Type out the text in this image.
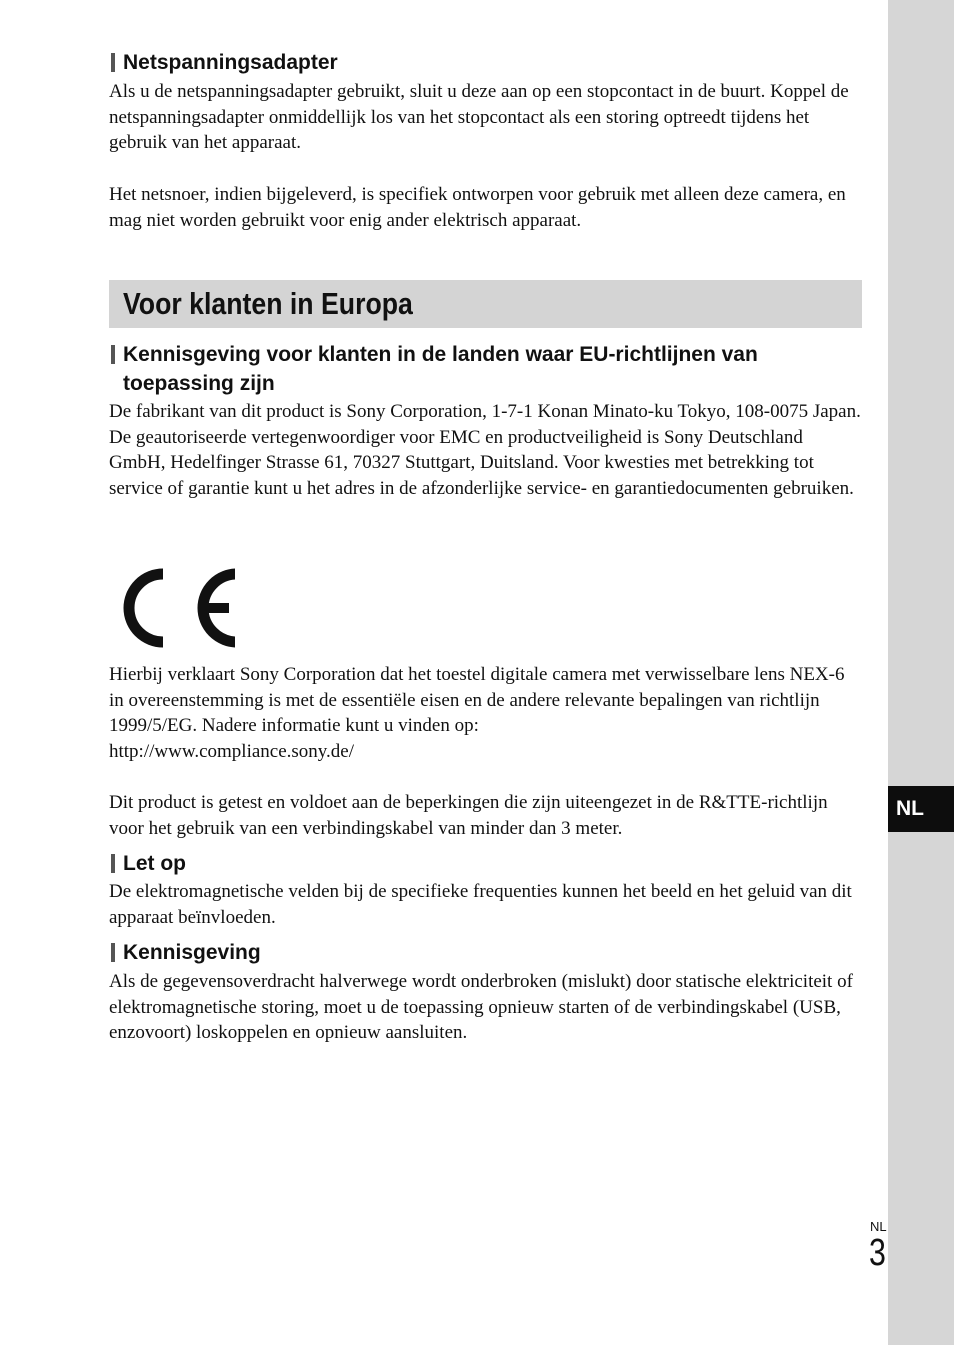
NL
Netspanningsadapter

Als u de netspanningsadapter gebruikt, sluit u deze aan op een stopcontact in de buurt. Koppel de netspanningsadapter onmiddellijk los van het stopcontact als een storing optreedt tijdens het gebruik van het apparaat.

Het netsnoer, indien bijgeleverd, is specifiek ontworpen voor gebruik met alleen deze camera, en mag niet worden gebruikt voor enig ander elektrisch apparaat.

Voor klanten in Europa
Kennisgeving voor klanten in de landen waar EU-richtlijnen van toepassing zijn

De fabrikant van dit product is Sony Corporation, 1-7-1 Konan Minato-ku Tokyo, 108-0075 Japan. De geautoriseerde vertegenwoordiger voor EMC en productveiligheid is Sony Deutschland GmbH, Hedelfinger Strasse 61, 70327 Stuttgart, Duitsland. Voor kwesties met betrekking tot service of garantie kunt u het adres in de afzonderlijke service- en garantiedocumenten gebruiken.

Hierbij verklaart Sony Corporation dat het toestel digitale camera met verwisselbare lens NEX-6 in overeenstemming is met de essentiële eisen en de andere relevante bepalingen van richtlijn 1999/5/EG. Nadere informatie kunt u vinden op:
http://www.compliance.sony.de/

Dit product is getest en voldoet aan de beperkingen die zijn uiteengezet in de R&TTE-richtlijn voor het gebruik van een verbindingskabel van minder dan 3 meter.

Let op

De elektromagnetische velden bij de specifieke frequenties kunnen het beeld en het geluid van dit apparaat beïnvloeden.

Kennisgeving

Als de gegevensoverdracht halverwege wordt onderbroken (mislukt) door statische elektriciteit of elektromagnetische storing, moet u de toepassing opnieuw starten of de verbindingskabel (USB, enzovoort) loskoppelen en opnieuw aansluiten.

NL
3
